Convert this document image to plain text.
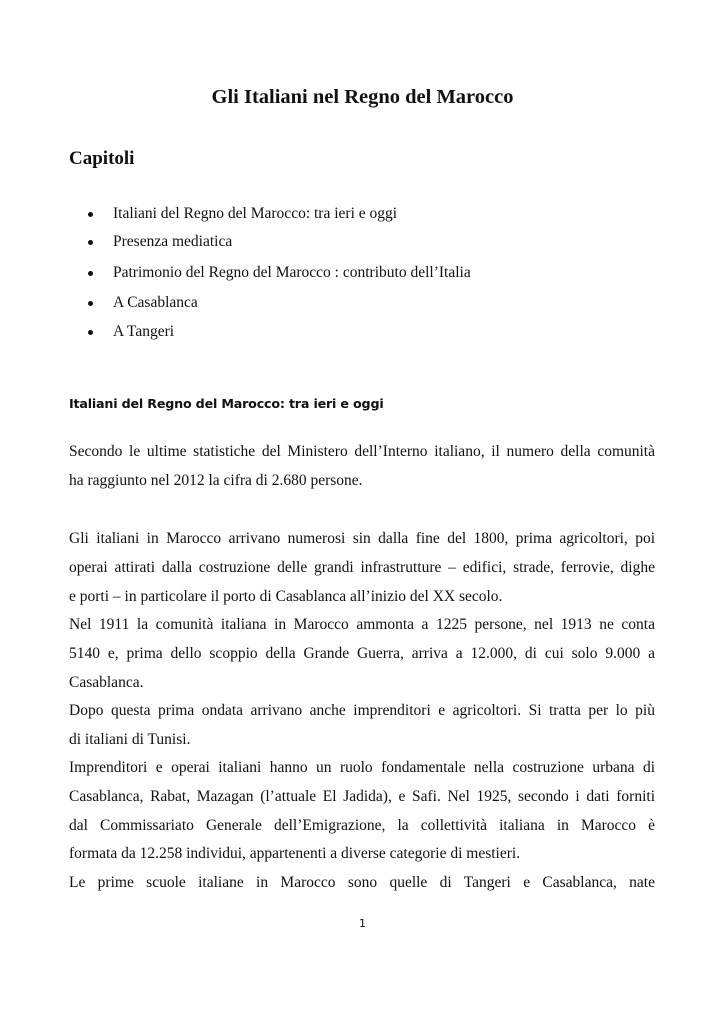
Gli Italiani nel Regno del Marocco
Capitoli
Italiani del Regno del Marocco: tra ieri e oggi
Presenza mediatica
Patrimonio del Regno del Marocco : contributo dell’Italia
A Casablanca
A Tangeri
Italiani del Regno del Marocco: tra ieri e oggi
Secondo le ultime statistiche del Ministero dell’Interno italiano, il numero della comunità
ha raggiunto nel 2012 la cifra di 2.680 persone.
Gli italiani in Marocco arrivano numerosi sin dalla fine del 1800, prima agricoltori, poi
operai attirati dalla costruzione delle grandi infrastrutture – edifici, strade, ferrovie, dighe
e porti – in particolare il porto di Casablanca all’inizio del XX secolo.
Nel 1911 la comunità italiana in Marocco ammonta a 1225 persone, nel 1913 ne conta
5140 e, prima dello scoppio della Grande Guerra, arriva a 12.000, di cui solo 9.000 a
Casablanca.
Dopo questa prima ondata arrivano anche imprenditori e agricoltori. Si tratta per lo più
di italiani di Tunisi.
Imprenditori e operai italiani hanno un ruolo fondamentale nella costruzione urbana di
Casablanca, Rabat, Mazagan (l’attuale El Jadida), e Safi. Nel 1925, secondo i dati forniti
dal Commissariato Generale dell’Emigrazione, la collettività italiana in Marocco è
formata da 12.258 individui, appartenenti a diverse categorie di mestieri.
Le prime scuole italiane in Marocco sono quelle di Tangeri e Casablanca, nate
1
